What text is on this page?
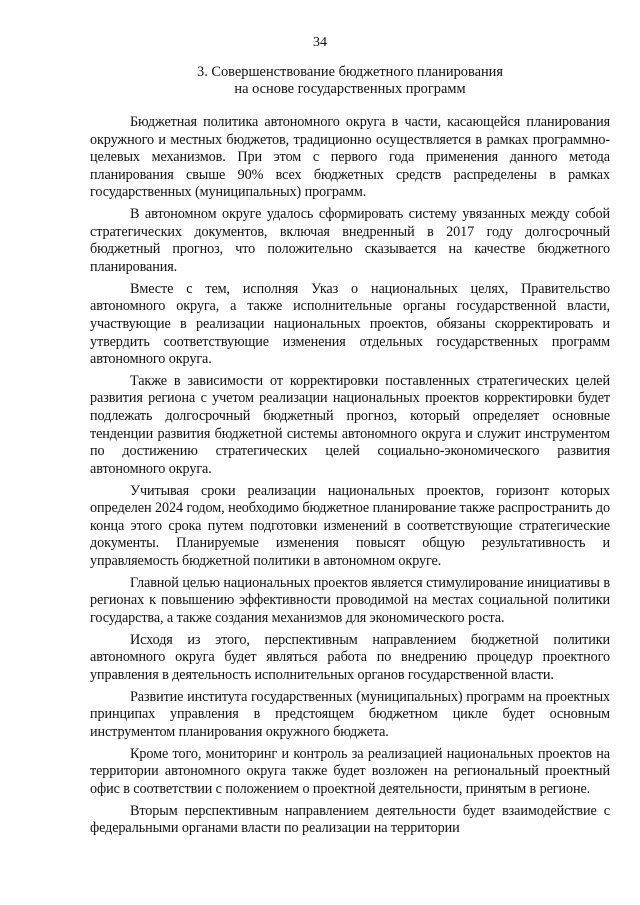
34
3. Совершенствование бюджетного планирования
на основе государственных программ

Бюджетная политика автономного округа в части, касающейся планирования окружного и местных бюджетов, традиционно осуществляется в рамках программно-целевых механизмов. При этом с первого года применения данного метода планирования свыше 90% всех бюджетных средств распределены в рамках государственных (муниципальных) программ.

В автономном округе удалось сформировать систему увязанных между собой стратегических документов, включая внедренный в 2017 году долгосрочный бюджетный прогноз, что положительно сказывается на качестве бюджетного планирования.

Вместе с тем, исполняя Указ о национальных целях, Правительство автономного округа, а также исполнительные органы государственной власти, участвующие в реализации национальных проектов, обязаны скорректировать и утвердить соответствующие изменения отдельных государственных программ автономного округа.

Также в зависимости от корректировки поставленных стратегических целей развития региона с учетом реализации национальных проектов корректировки будет подлежать долгосрочный бюджетный прогноз, который определяет основные тенденции развития бюджетной системы автономного округа и служит инструментом по достижению стратегических целей социально-экономического развития автономного округа.

Учитывая сроки реализации национальных проектов, горизонт которых определен 2024 годом, необходимо бюджетное планирование также распространить до конца этого срока путем подготовки изменений в соответствующие стратегические документы. Планируемые изменения повысят общую результативность и управляемость бюджетной политики в автономном округе.

Главной целью национальных проектов является стимулирование инициативы в регионах к повышению эффективности проводимой на местах социальной политики государства, а также создания механизмов для экономического роста.

Исходя из этого, перспективным направлением бюджетной политики автономного округа будет являться работа по внедрению процедур проектного управления в деятельность исполнительных органов государственной власти.

Развитие института государственных (муниципальных) программ на проектных принципах управления в предстоящем бюджетном цикле будет основным инструментом планирования окружного бюджета.

Кроме того, мониторинг и контроль за реализацией национальных проектов на территории автономного округа также будет возложен на региональный проектный офис в соответствии с положением о проектной деятельности, принятым в регионе.

Вторым перспективным направлением деятельности будет взаимодействие с федеральными органами власти по реализации на территории
